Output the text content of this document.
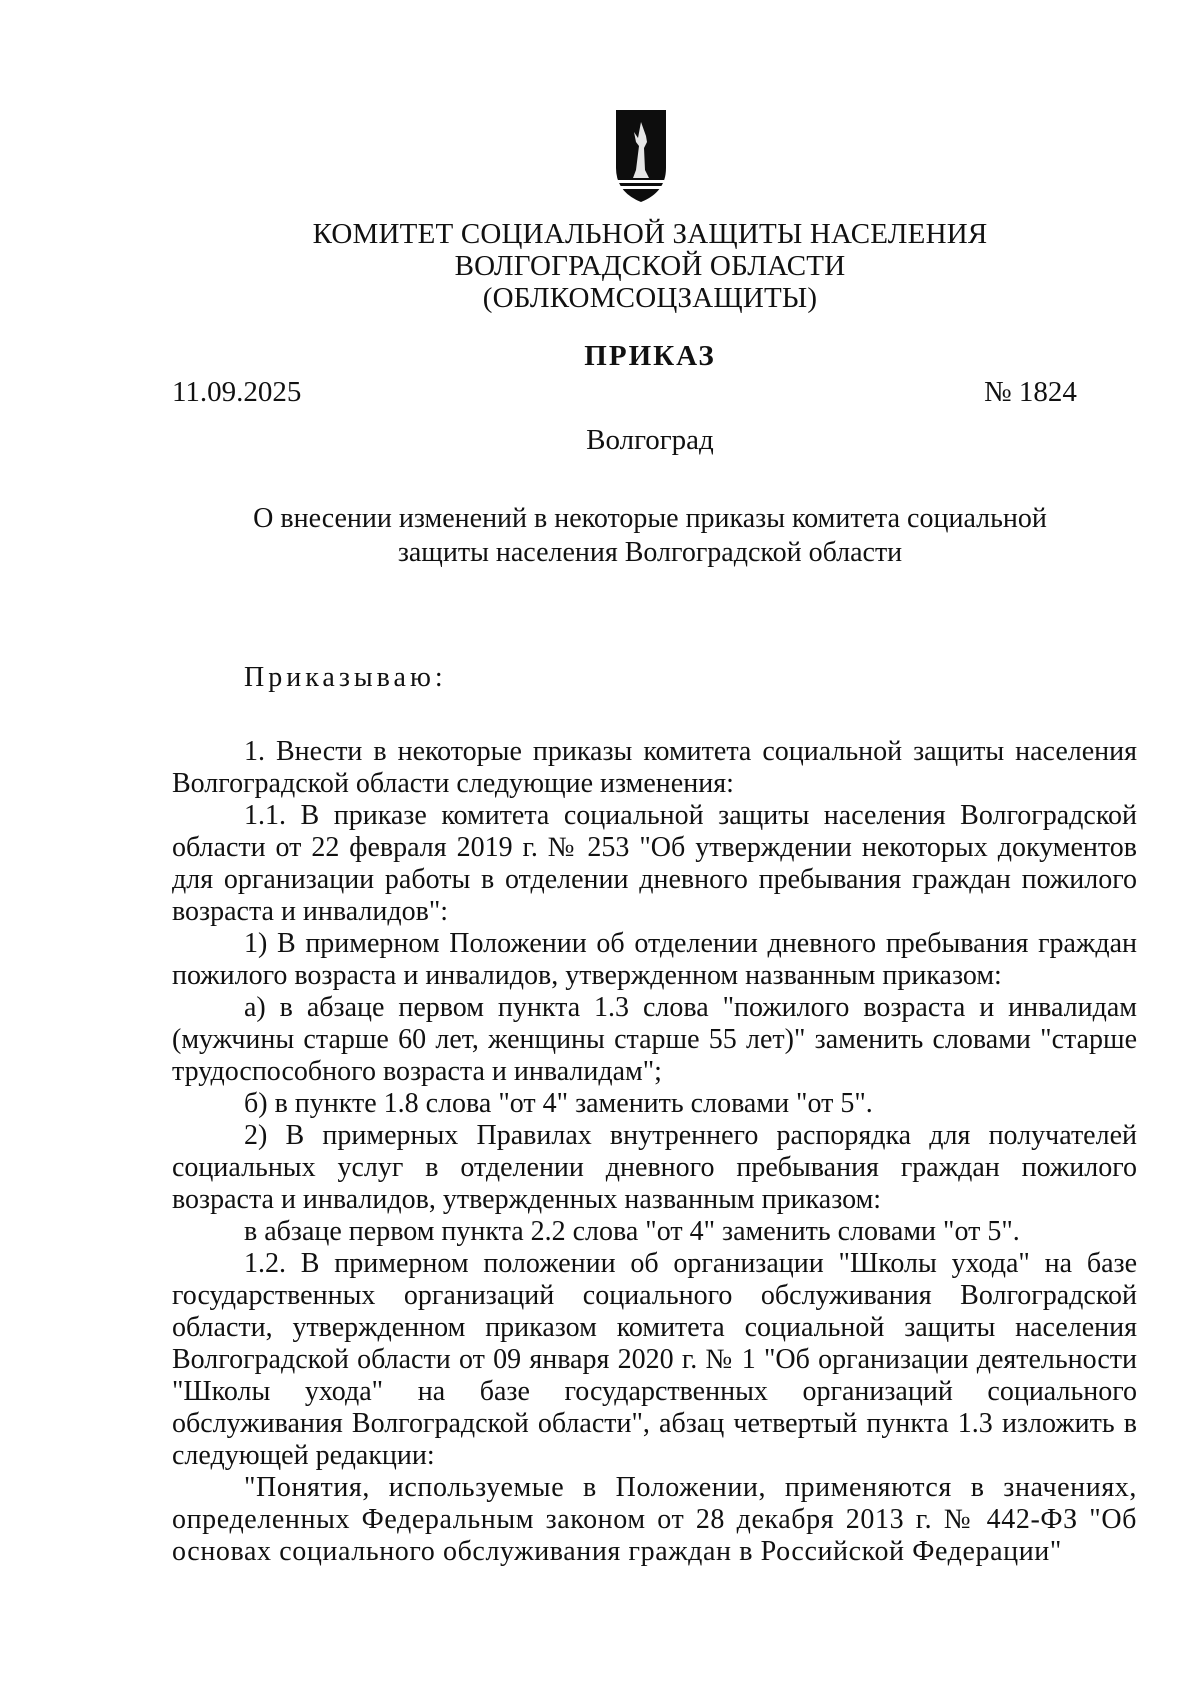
КОМИТЕТ СОЦИАЛЬНОЙ ЗАЩИТЫ НАСЕЛЕНИЯ
ВОЛГОГРАДСКОЙ ОБЛАСТИ
(ОБЛКОМСОЦЗАЩИТЫ)
ПРИКАЗ
11.09.2025	№ 1824
Волгоград
О внесении изменений в некоторые приказы комитета социальной
защиты населения Волгоградской области

Приказываю:

1. Внести в некоторые приказы комитета социальной защиты населения Волгоградской области следующие изменения:

1.1. В приказе комитета социальной защиты населения Волгоградской области от 22 февраля 2019 г. № 253 "Об утверждении некоторых документов для организации работы в отделении дневного пребывания граждан пожилого возраста и инвалидов":

1) В примерном Положении об отделении дневного пребывания граждан пожилого возраста и инвалидов, утвержденном названным приказом:

а) в абзаце первом пункта 1.3 слова "пожилого возраста и инвалидам (мужчины старше 60 лет, женщины старше 55 лет)" заменить словами "старше трудоспособного возраста и инвалидам";

б) в пункте 1.8 слова "от 4" заменить словами "от 5".

2) В примерных Правилах внутреннего распорядка для получателей социальных услуг в отделении дневного пребывания граждан пожилого возраста и инвалидов, утвержденных названным приказом:

в абзаце первом пункта 2.2 слова "от 4" заменить словами "от 5".

1.2. В примерном положении об организации "Школы ухода" на базе государственных организаций социального обслуживания Волгоградской области, утвержденном приказом комитета социальной защиты населения Волгоградской области от 09 января 2020 г. № 1 "Об организации деятельности "Школы ухода" на базе государственных организаций социального обслуживания Волгоградской области", абзац четвертый пункта 1.3 изложить в следующей редакции:

"Понятия, используемые в Положении, применяются в значениях, определенных Федеральным законом от 28 декабря 2013 г. № 442-ФЗ "Об основах социального обслуживания граждан в Российской Федерации"
